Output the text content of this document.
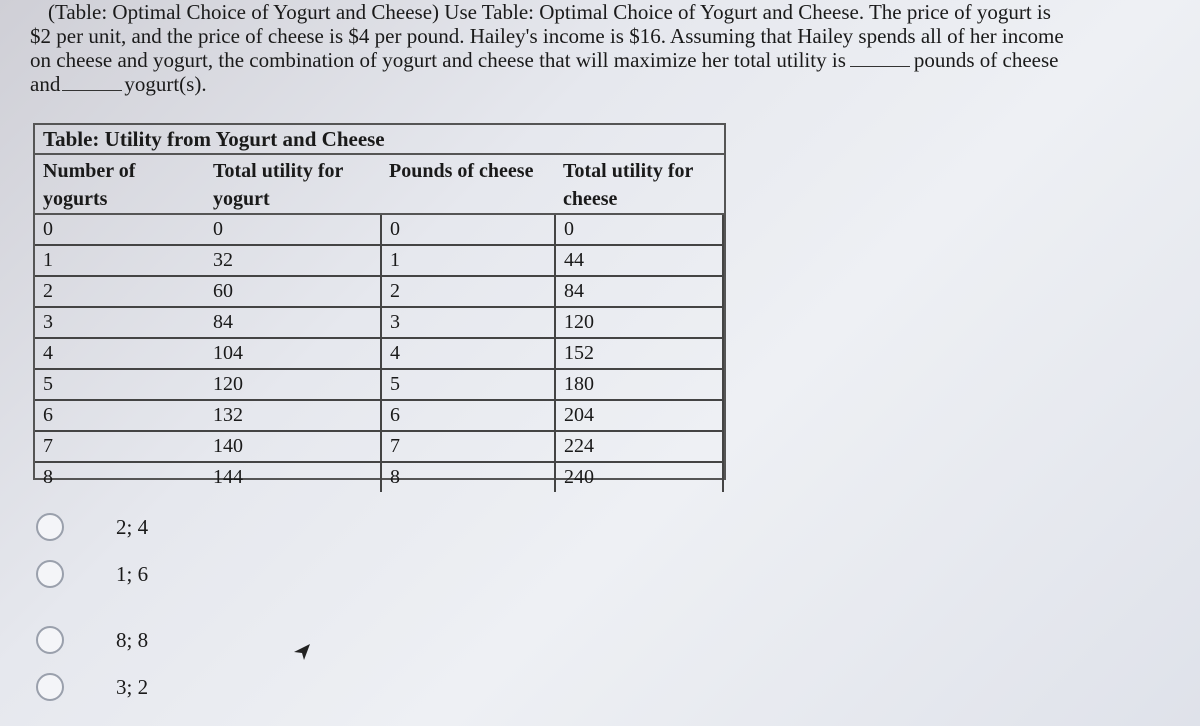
(Table: Optimal Choice of Yogurt and Cheese) Use Table: Optimal Choice of Yogurt and Cheese. The price of yogurt is
$2 per unit, and the price of cheese is $4 per pound. Hailey's income is $16. Assuming that Hailey spends all of her income
on cheese and yogurt, the combination of yogurt and cheese that will maximize her total utility is	pounds of cheese
and	yogurt(s).
Table: Utility from Yogurt and Cheese
Number of yogurts	Total utility for yogurt	Pounds of cheese	Total utility for cheese
0	0	0	0
1	32	1	44
2	60	2	84
3	84	3	120
4	104	4	152
5	120	5	180
6	132	6	204
7	140	7	224
8	144	8	240
2; 4
1; 6
8; 8
3; 2
